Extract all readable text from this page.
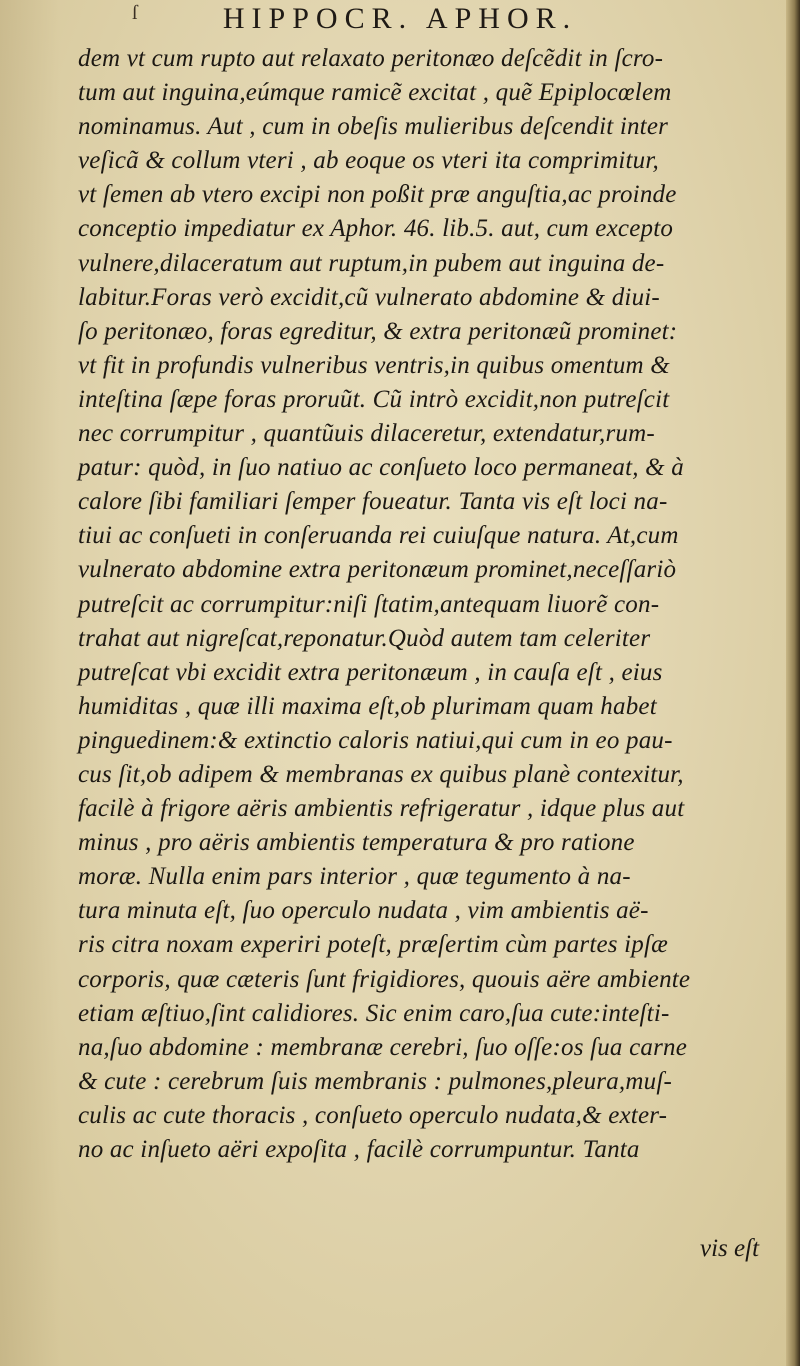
ſ	HIPPOCR. APHOR.
dem vt cum rupto aut relaxato peritonæo deſcẽdit in ſcro-
tum aut inguina,eúmque ramicẽ excitat , quẽ Epiplocœlem
nominamus. Aut , cum in obeſis mulieribus deſcendit inter
veſicã & collum vteri , ab eoque os vteri ita comprimitur,
vt ſemen ab vtero excipi non poßit præ anguſtia,ac proinde
conceptio impediatur ex Aphor. 46. lib.5. aut, cum excepto
vulnere,dilaceratum aut ruptum,in pubem aut inguina de-
labitur.Foras verò excidit,cũ vulnerato abdomine & diui-
ſo peritonæo, foras egreditur, & extra peritonæũ prominet:
vt fit in profundis vulneribus ventris,in quibus omentum &
inteſtina ſæpe foras proruũt. Cũ intrò excidit,non putreſcit
nec corrumpitur , quantũuis dilaceretur, extendatur,rum-
patur: quòd, in ſuo natiuo ac conſueto loco permaneat, & à
calore ſibi familiari ſemper foueatur. Tanta vis eſt loci na-
tiui ac conſueti in conſeruanda rei cuiuſque natura. At,cum
vulnerato abdomine extra peritonæum prominet,neceſſariò
putreſcit ac corrumpitur:niſi ſtatim,antequam liuorẽ con-
trahat aut nigreſcat,reponatur.Quòd autem tam celeriter
putreſcat vbi excidit extra peritonæum , in cauſa eſt , eius
humiditas , quæ illi maxima eſt,ob plurimam quam habet
pinguedinem:& extinctio caloris natiui,qui cum in eo pau-
cus ſit,ob adipem & membranas ex quibus planè contexitur,
facilè à frigore aëris ambientis refrigeratur , idque plus aut
minus , pro aëris ambientis temperatura & pro ratione
moræ. Nulla enim pars interior , quæ tegumento à na-
tura minuta eſt, ſuo operculo nudata , vim ambientis aë-
ris citra noxam experiri poteſt, præſertim cùm partes ipſæ
corporis, quæ cæteris ſunt frigidiores, quouis aëre ambiente
etiam æſtiuo,ſint calidiores. Sic enim caro,ſua cute:inteſti-
na,ſuo abdomine : membranæ cerebri, ſuo oſſe:os ſua carne
& cute : cerebrum ſuis membranis : pulmones,pleura,muſ-
culis ac cute thoracis , conſueto operculo nudata,& exter-
no ac inſueto aëri expoſita , facilè corrumpuntur. Tanta
vis eſt
